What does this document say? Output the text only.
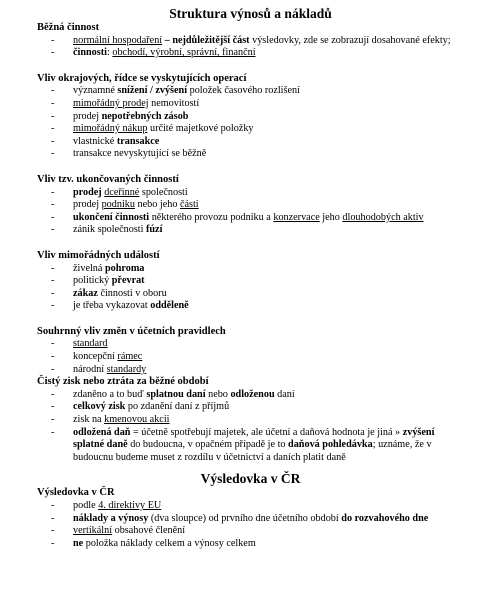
Struktura výnosů a nákladů
Běžná činnost
- normální hospodaření – nejdůležitější část výsledovky, zde se zobrazují dosahované efekty;
- činnosti: obchodí, výrobní, správní, finanční
Vliv okrajových, řídce se vyskytujících operací
- významné snížení / zvýšení položek časového rozlišení
- mimořádný prodej nemovitostí
- prodej nepotřebných zásob
- mimořádný nákup určité majetkové položky
- vlastnické transakce
- transakce nevyskytující se běžně
Vliv tzv. ukončovaných činností
- prodej dceřinné společnosti
- prodej podniku nebo jeho části
- ukončení činnosti některého provozu podniku a konzervace jeho dlouhodobých aktiv
- zánik společnosti fúzí
Vliv mimořádných událostí
- živelná pohroma
- politický převrat
- zákaz činnosti v oboru
- je třeba vykazovat odděleně
Souhrnný vliv změn v účetních pravidlech
- standard
- koncepční rámec
- národní standardy
Čistý zisk nebo ztráta za běžné období
- zdaněno a to buď splatnou daní nebo odloženou daní
- celkový zisk po zdanění daní z příjmů
- zisk na kmenovou akcii
- odložená daň = účetně spotřebují majetek, ale účetní a daňová hodnota je jiná » zvýšení splatné daně do budoucna, v opačném případě je to daňová pohledávka; uznáme, že v budoucnu budeme muset z rozdílu v účetnictví a daních platit daně
Výsledovka v ČR
Výsledovka v ČR
- podle 4. direktivy EU
- náklady a výnosy (dva sloupce) od prvního dne účetního období do rozvahového dne
- vertikální obsahové členění
- ne položka náklady celkem a výnosy celkem
